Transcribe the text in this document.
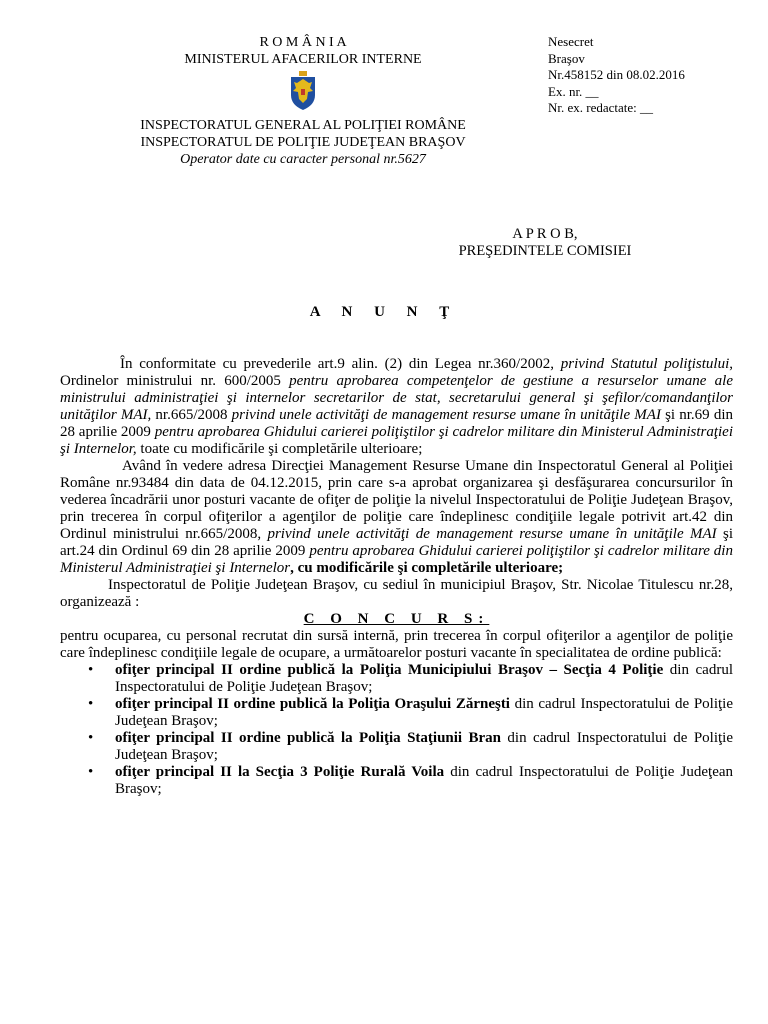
R O M Â N I A
MINISTERUL AFACERILOR INTERNE
INSPECTORATUL GENERAL AL POLIŢIEI ROMÂNE
INSPECTORATUL DE POLIŢIE JUDEŢEAN BRAŞOV
Operator date cu caracter personal nr.5627
Nesecret
Braşov
Nr.458152 din 08.02.2016
Ex. nr. __
Nr. ex. redactate: __
A P R O B,
PREŞEDINTELE COMISIEI
A N U N Ţ

În conformitate cu prevederile art.9 alin. (2) din Legea nr.360/2002, privind Statutul poliţistului, Ordinelor ministrului nr. 600/2005 pentru aprobarea competenţelor de gestiune a resurselor umane ale ministrului administraţiei şi internelor secretarilor de stat, secretarului general şi şefilor/comandanţilor unităţilor MAI, nr.665/2008 privind unele activităţi de management resurse umane în unităţile MAI şi nr.69 din 28 aprilie 2009 pentru aprobarea Ghidului carierei poliţiştilor şi cadrelor militare din Ministerul Administraţiei şi Internelor, toate cu modificările şi completările ulterioare;

Având în vedere adresa Direcţiei Management Resurse Umane din Inspectoratul General al Poliţiei Române nr.93484 din data de 04.12.2015, prin care s-a aprobat organizarea şi desfăşurarea concursurilor în vederea încadrării unor posturi vacante de ofiţer de poliţie la nivelul Inspectoratului de Poliţie Judeţean Braşov, prin trecerea în corpul ofiţerilor a agenţilor de poliţie care îndeplinesc condiţiile legale potrivit art.42 din Ordinul ministrului nr.665/2008, privind unele activităţi de management resurse umane în unităţile MAI şi art.24 din Ordinul 69 din 28 aprilie 2009 pentru aprobarea Ghidului carierei poliţiştilor şi cadrelor militare din Ministerul Administraţiei şi Internelor, cu modificările şi completările ulterioare;

Inspectoratul de Poliţie Judeţean Braşov, cu sediul în municipiul Braşov, Str. Nicolae Titulescu nr.28, organizează :

C O N C U R S:

pentru ocuparea, cu personal recrutat din sursă internă, prin trecerea în corpul ofiţerilor a agenţilor de poliţie care îndeplinesc condiţiile legale de ocupare, a următoarelor posturi vacante în specialitatea de ordine publică:

• ofiţer principal II ordine publică la Poliţia Municipiului Braşov – Secţia 4 Poliţie din cadrul Inspectoratului de Poliţie Judeţean Braşov;
• ofiţer principal II ordine publică la Poliţia Oraşului Zărneşti din cadrul Inspectoratului de Poliţie Judeţean Braşov;
• ofiţer principal II ordine publică la Poliţia Staţiunii Bran din cadrul Inspectoratului de Poliţie Judeţean Braşov;
• ofiţer principal II la Secţia 3 Poliţie Rurală Voila din cadrul Inspectoratului de Poliţie Judeţean Braşov;
